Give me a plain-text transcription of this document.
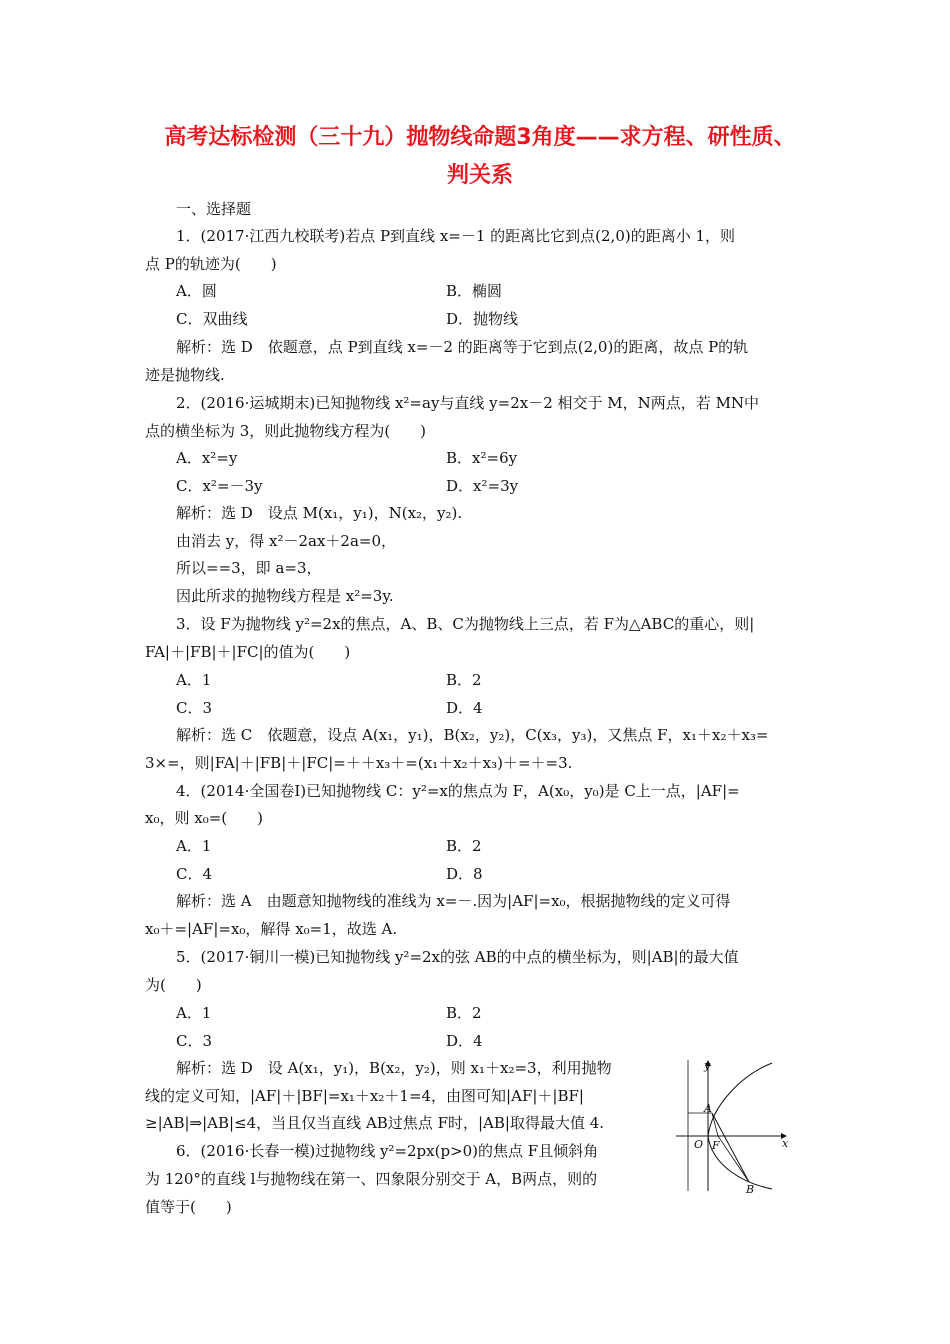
高考达标检测（三十九）抛物线命题3角度——求方程、研性质、
判关系
一、选择题
1．(2017·江西九校联考)若点 P到直线 x=－1 的距离比它到点(2,0)的距离小 1，则
点 P的轨迹为(　　)
A．圆	B．椭圆
C．双曲线	D．抛物线
解析：选 D　依题意，点 P到直线 x=－2 的距离等于它到点(2,0)的距离，故点 P的轨
迹是抛物线.
2．(2016·运城期末)已知抛物线 x²=ay与直线 y=2x－2 相交于 M，N两点，若 MN中
点的横坐标为 3，则此抛物线方程为(　　)
A．x²=y	B．x²=6y
C．x²=－3y	D．x²=3y
解析：选 D　设点 M(x₁，y₁)，N(x₂，y₂).
由消去 y，得 x²－2ax＋2a=0，
所以==3，即 a=3，
因此所求的抛物线方程是 x²=3y.
3．设 F为抛物线 y²=2x的焦点，A、B、C为抛物线上三点，若 F为△ABC的重心，则|
FA|＋|FB|＋|FC|的值为(　　)
A．1	B．2
C．3	D．4
解析：选 C　依题意，设点 A(x₁，y₁)，B(x₂，y₂)，C(x₃，y₃)，又焦点 F，x₁＋x₂＋x₃=
3×=，则|FA|＋|FB|＋|FC|=＋＋x₃＋=(x₁＋x₂＋x₃)＋=＋=3.
4．(2014·全国卷Ⅰ)已知抛物线 C：y²=x的焦点为 F，A(x₀，y₀)是 C上一点，|AF|=
x₀，则 x₀=(　　)
A．1	B．2
C．4	D．8
解析：选 A　由题意知抛物线的准线为 x=－.因为|AF|=x₀，根据抛物线的定义可得
x₀＋=|AF|=x₀，解得 x₀=1，故选 A.
5．(2017·铜川一模)已知抛物线 y²=2x的弦 AB的中点的横坐标为，则|AB|的最大值
为(　　)
A．1	B．2
C．3	D．4
解析：选 D　设 A(x₁，y₁)，B(x₂，y₂)，则 x₁＋x₂=3，利用抛物
线的定义可知，|AF|＋|BF|=x₁＋x₂＋1=4，由图可知|AF|＋|BF|
≥|AB|⇒|AB|≤4，当且仅当直线 AB过焦点 F时，|AB|取得最大值 4.
6．(2016·长春一模)过抛物线 y²=2px(p>0)的焦点 F且倾斜角
为 120°的直线 l与抛物线在第一、四象限分别交于 A，B两点，则的
值等于(　　)
y
x
O F
A
B
